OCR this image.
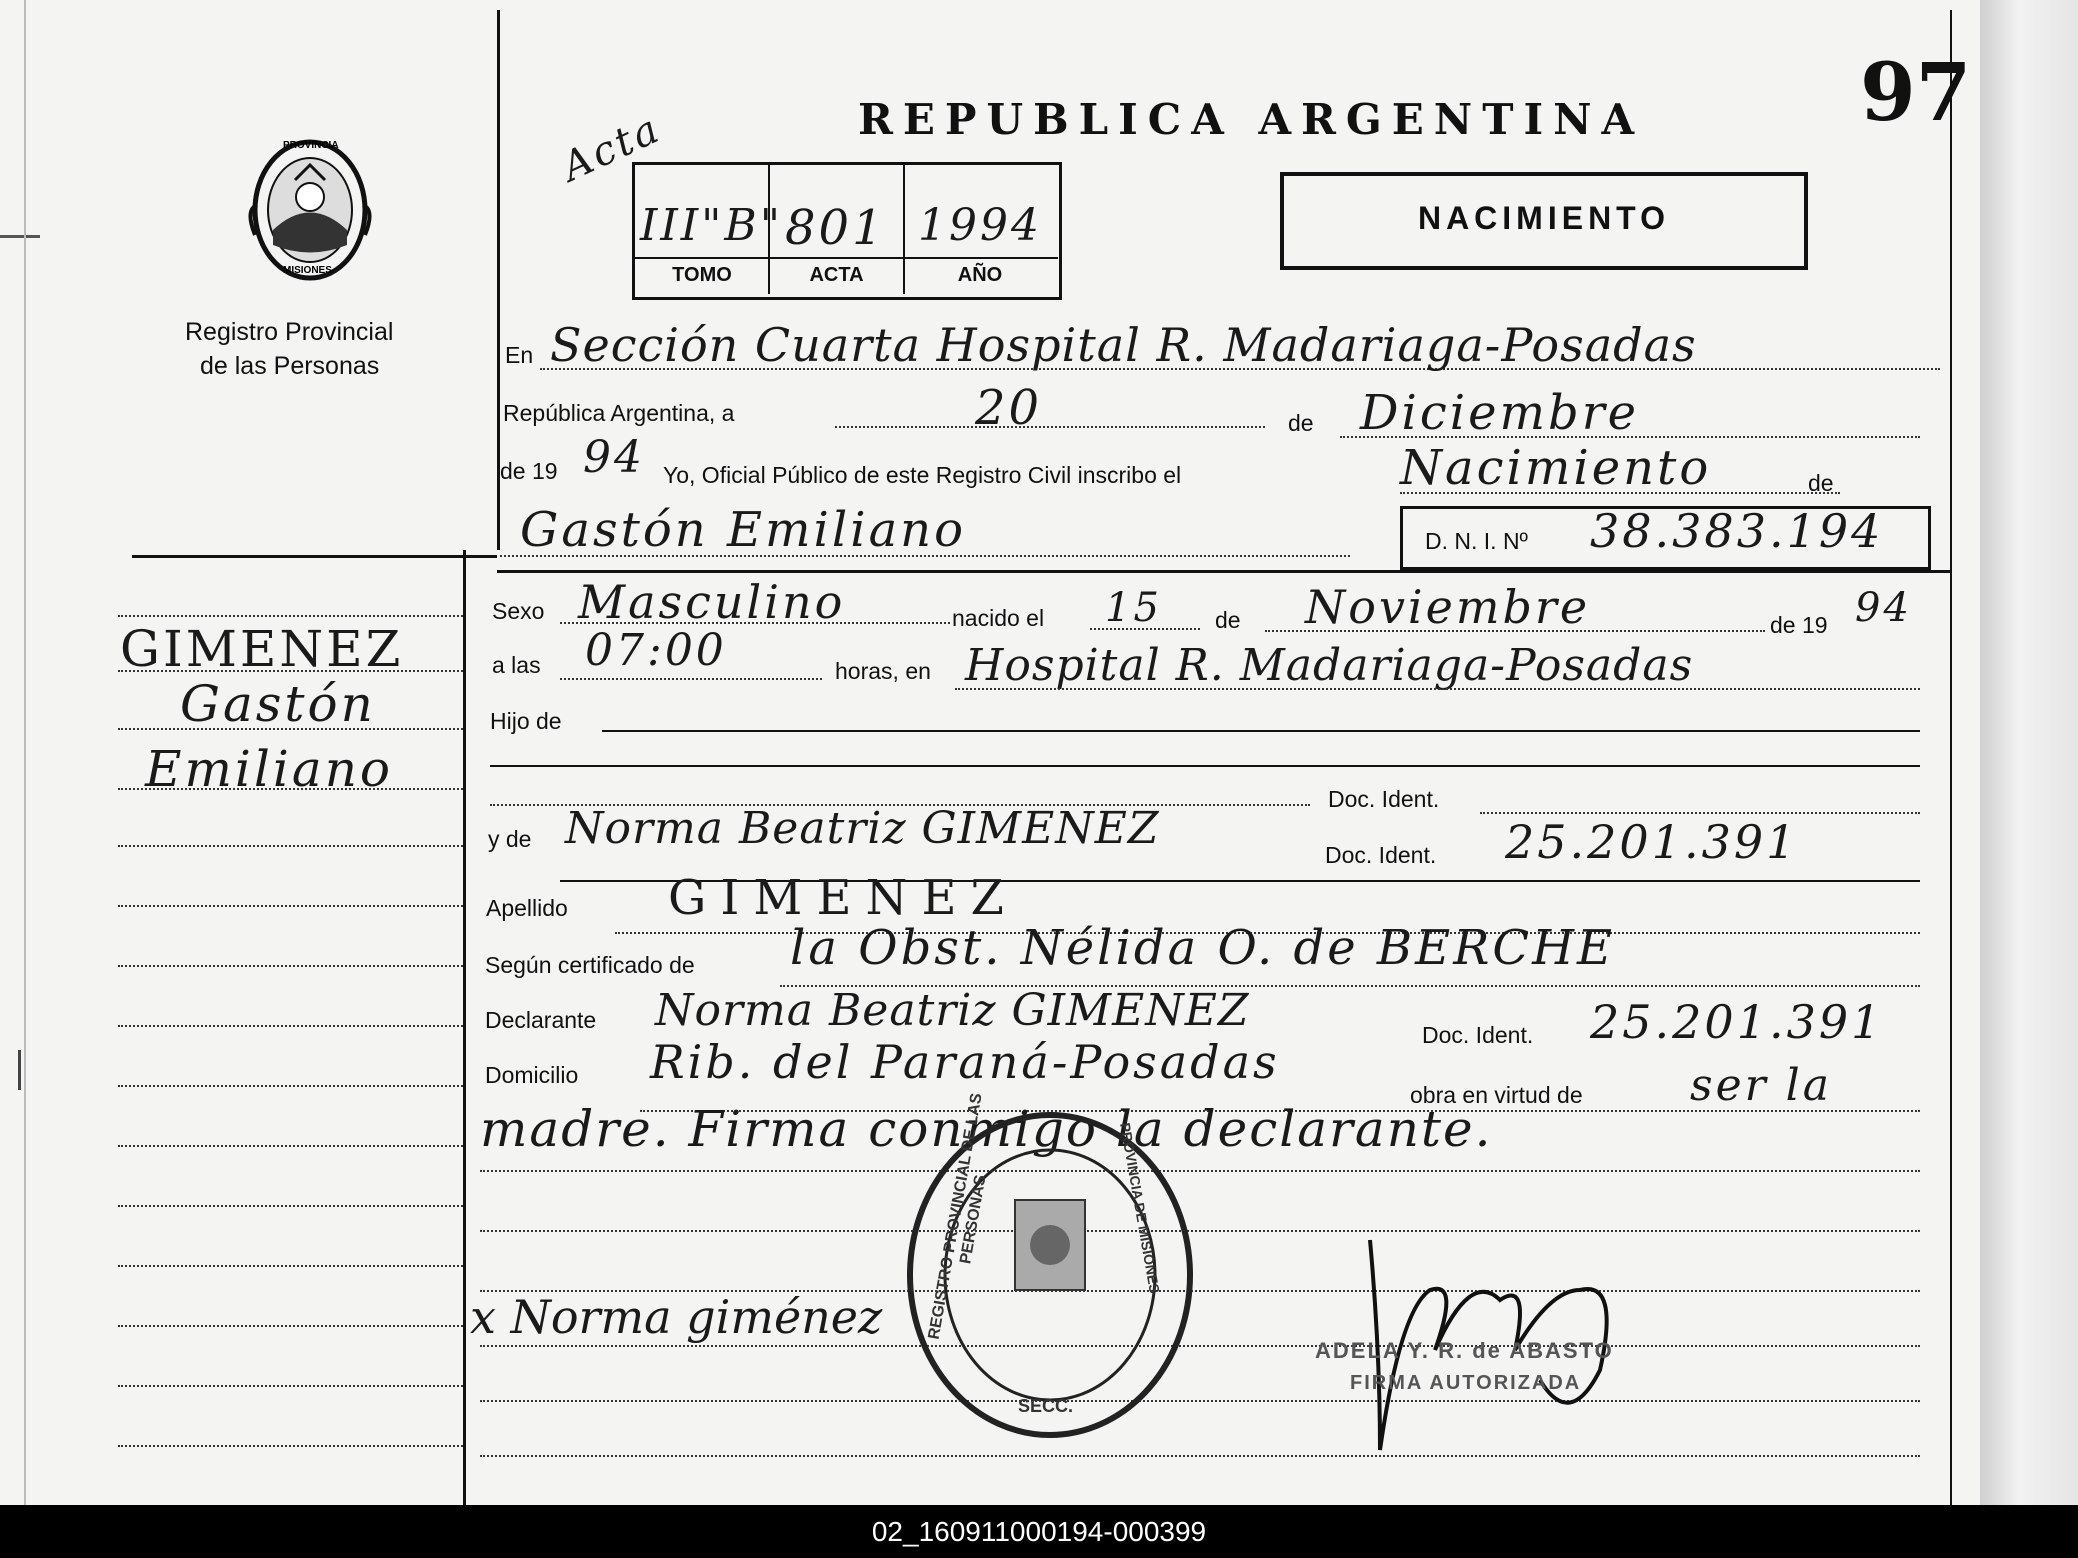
PROVINCIA
MISIONES
Registro Provincial
de las Personas
REPUBLICA ARGENTINA	97
Acta
III"B" 801 1994
TOMO	ACTA	AÑO
NACIMIENTO
En Sección Cuarta Hospital R. Madariaga-Posadas
República Argentina, a	20	de Diciembre
de 19 94 Yo, Oficial Público de este Registro Civil inscribo el	Nacimiento	de
Gastón Emiliano	D. N. I. Nº 38.383.194
GIMENEZ
Gastón
Emiliano
Sexo Masculino	nacido el 15 de Noviembre	de 19 94
a las 07:00	horas, en Hospital R. Madariaga-Posadas
Hijo de
Doc. Ident.
y de Norma Beatriz GIMENEZ
Doc. Ident. 25.201.391
Apellido GIMENEZ
Según certificado de la Obst. Nélida O. de BERCHE
Declarante Norma Beatriz GIMENEZ	Doc. Ident. 25.201.391
Domicilio Rib. del Paraná-Posadas
obra en virtud de ser la
madre. Firma conmigo la declarante.
x Norma giménez	REGISTRO PROVINCIAL DE LAS PERSONAS	PROVINCIA DE MISIONES
SECC.
ADELA Y. R. de ABASTO
FIRMA AUTORIZADA
02_160911000194-000399
